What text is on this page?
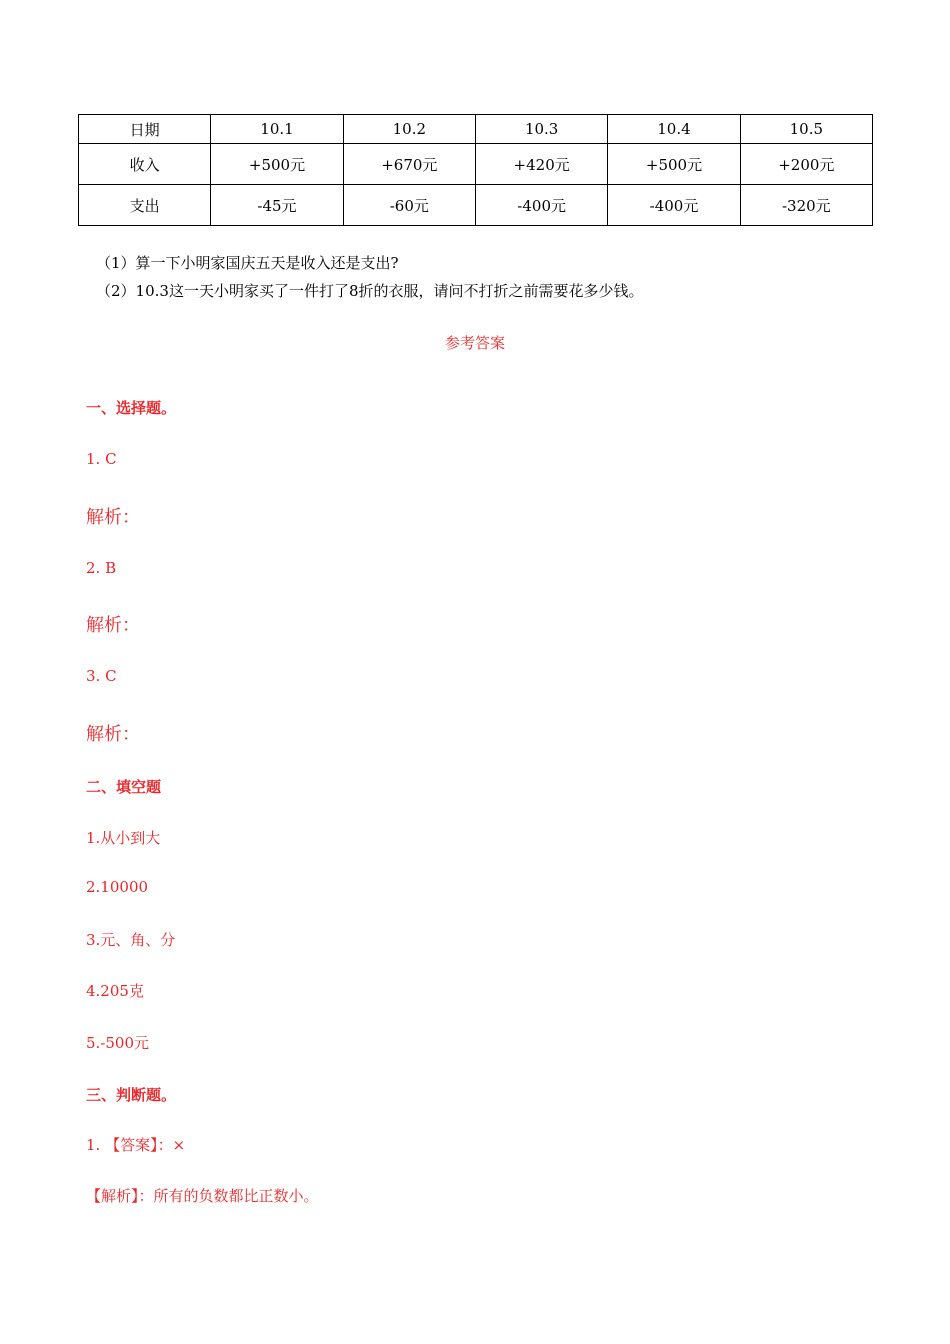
日期	10.1	10.2	10.3	10.4	10.5
收入	+500元	+670元	+420元	+500元	+200元
支出	-45元	-60元	-400元	-400元	-320元
（1）算一下小明家国庆五天是收入还是支出?
（2）10.3这一天小明家买了一件打了8折的衣服，请问不打折之前需要花多少钱。
参考答案
一、选择题。
1. C
解析：
2. B
解析：
3. C
解析：
二、填空题
1.从小到大
2.10000
3.元、角、分
4.205克
5.-500元
三、判断题。
1. 【答案】：×
【解析】：所有的负数都比正数小。
